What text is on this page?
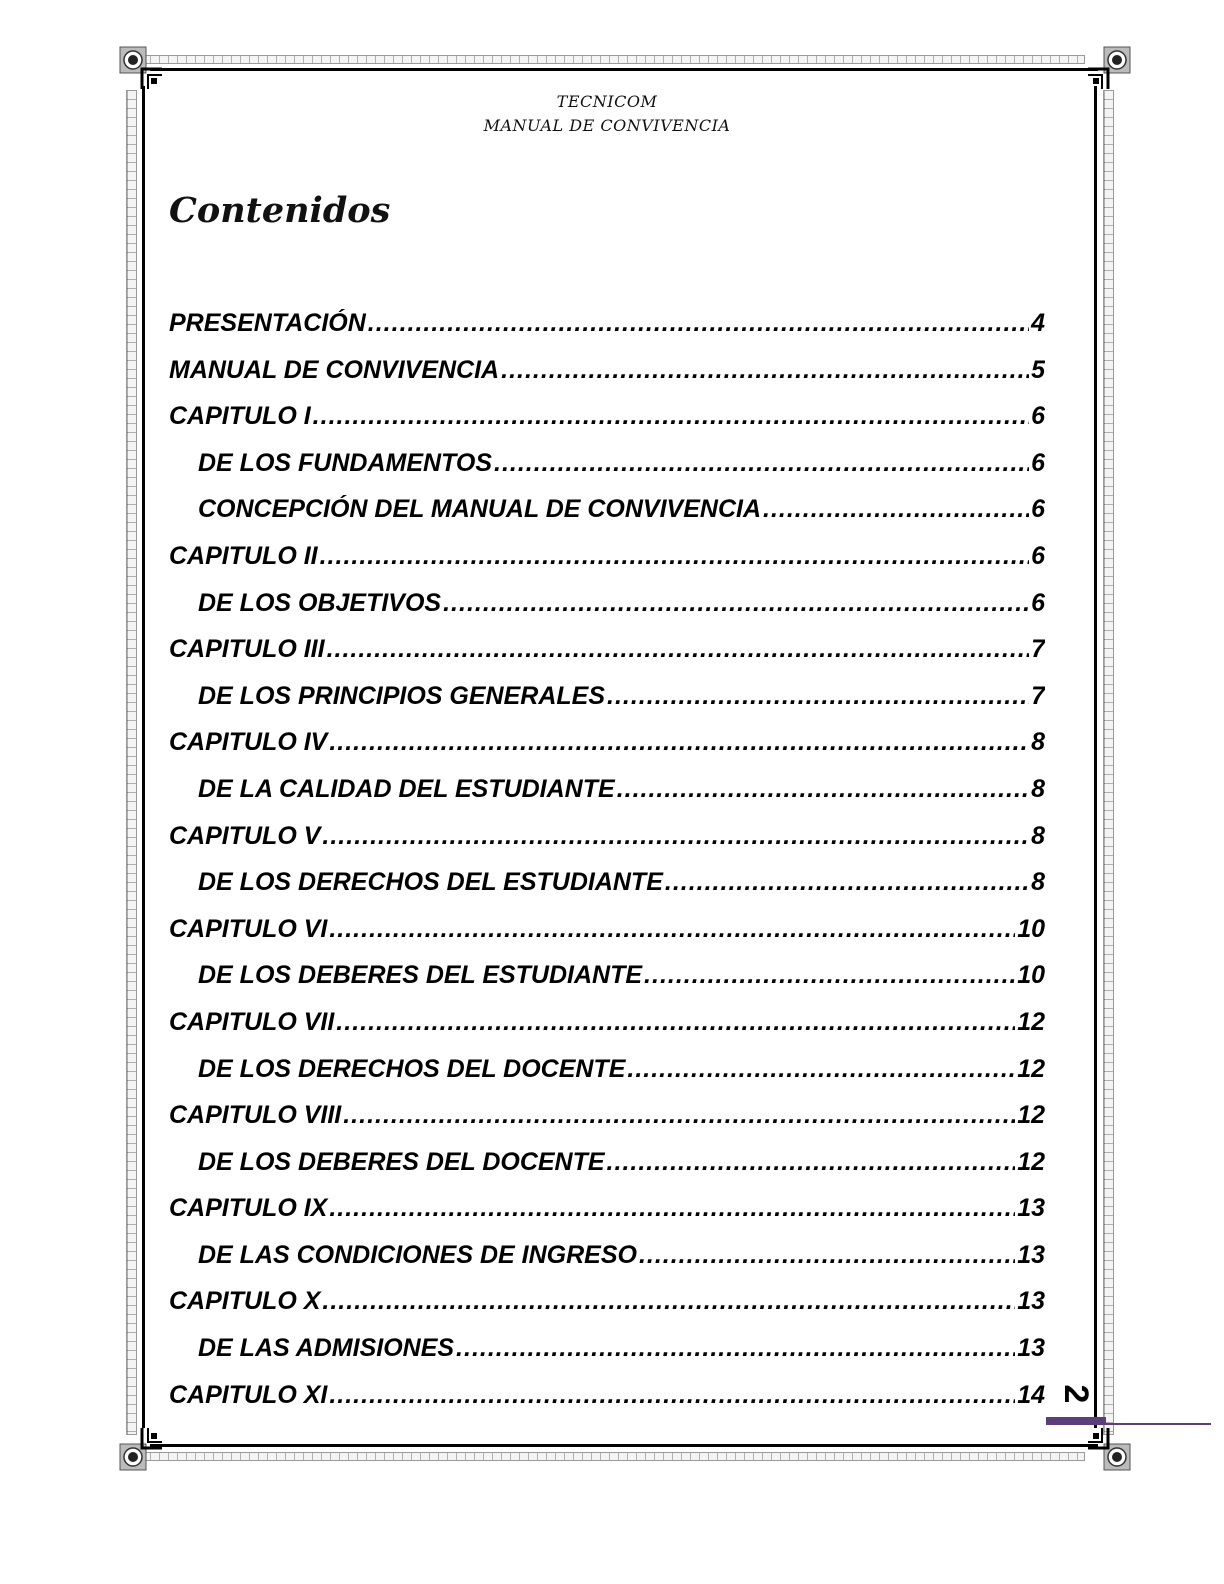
TECNICOM
MANUAL DE CONVIVENCIA
Contenidos
PRESENTACIÓN .....	4
MANUAL DE CONVIVENCIA .....	5
CAPITULO I .....	6
DE LOS FUNDAMENTOS .....	6
CONCEPCIÓN DEL MANUAL DE CONVIVENCIA .....	6
CAPITULO II .....	6
DE LOS OBJETIVOS .....	6
CAPITULO III .....	7
DE LOS PRINCIPIOS GENERALES .....	7
CAPITULO IV .....	8
DE LA CALIDAD DEL ESTUDIANTE .....	8
CAPITULO V .....	8
DE LOS DERECHOS DEL ESTUDIANTE .....	8
CAPITULO VI .....	10
DE LOS DEBERES DEL ESTUDIANTE .....	10
CAPITULO VII .....	12
DE LOS DERECHOS DEL DOCENTE .....	12
CAPITULO VIII .....	12
DE LOS DEBERES DEL DOCENTE .....	12
CAPITULO IX .....	13
DE LAS CONDICIONES DE INGRESO .....	13
CAPITULO X .....	13
DE LAS ADMISIONES .....	13
CAPITULO XI .....	14 2
